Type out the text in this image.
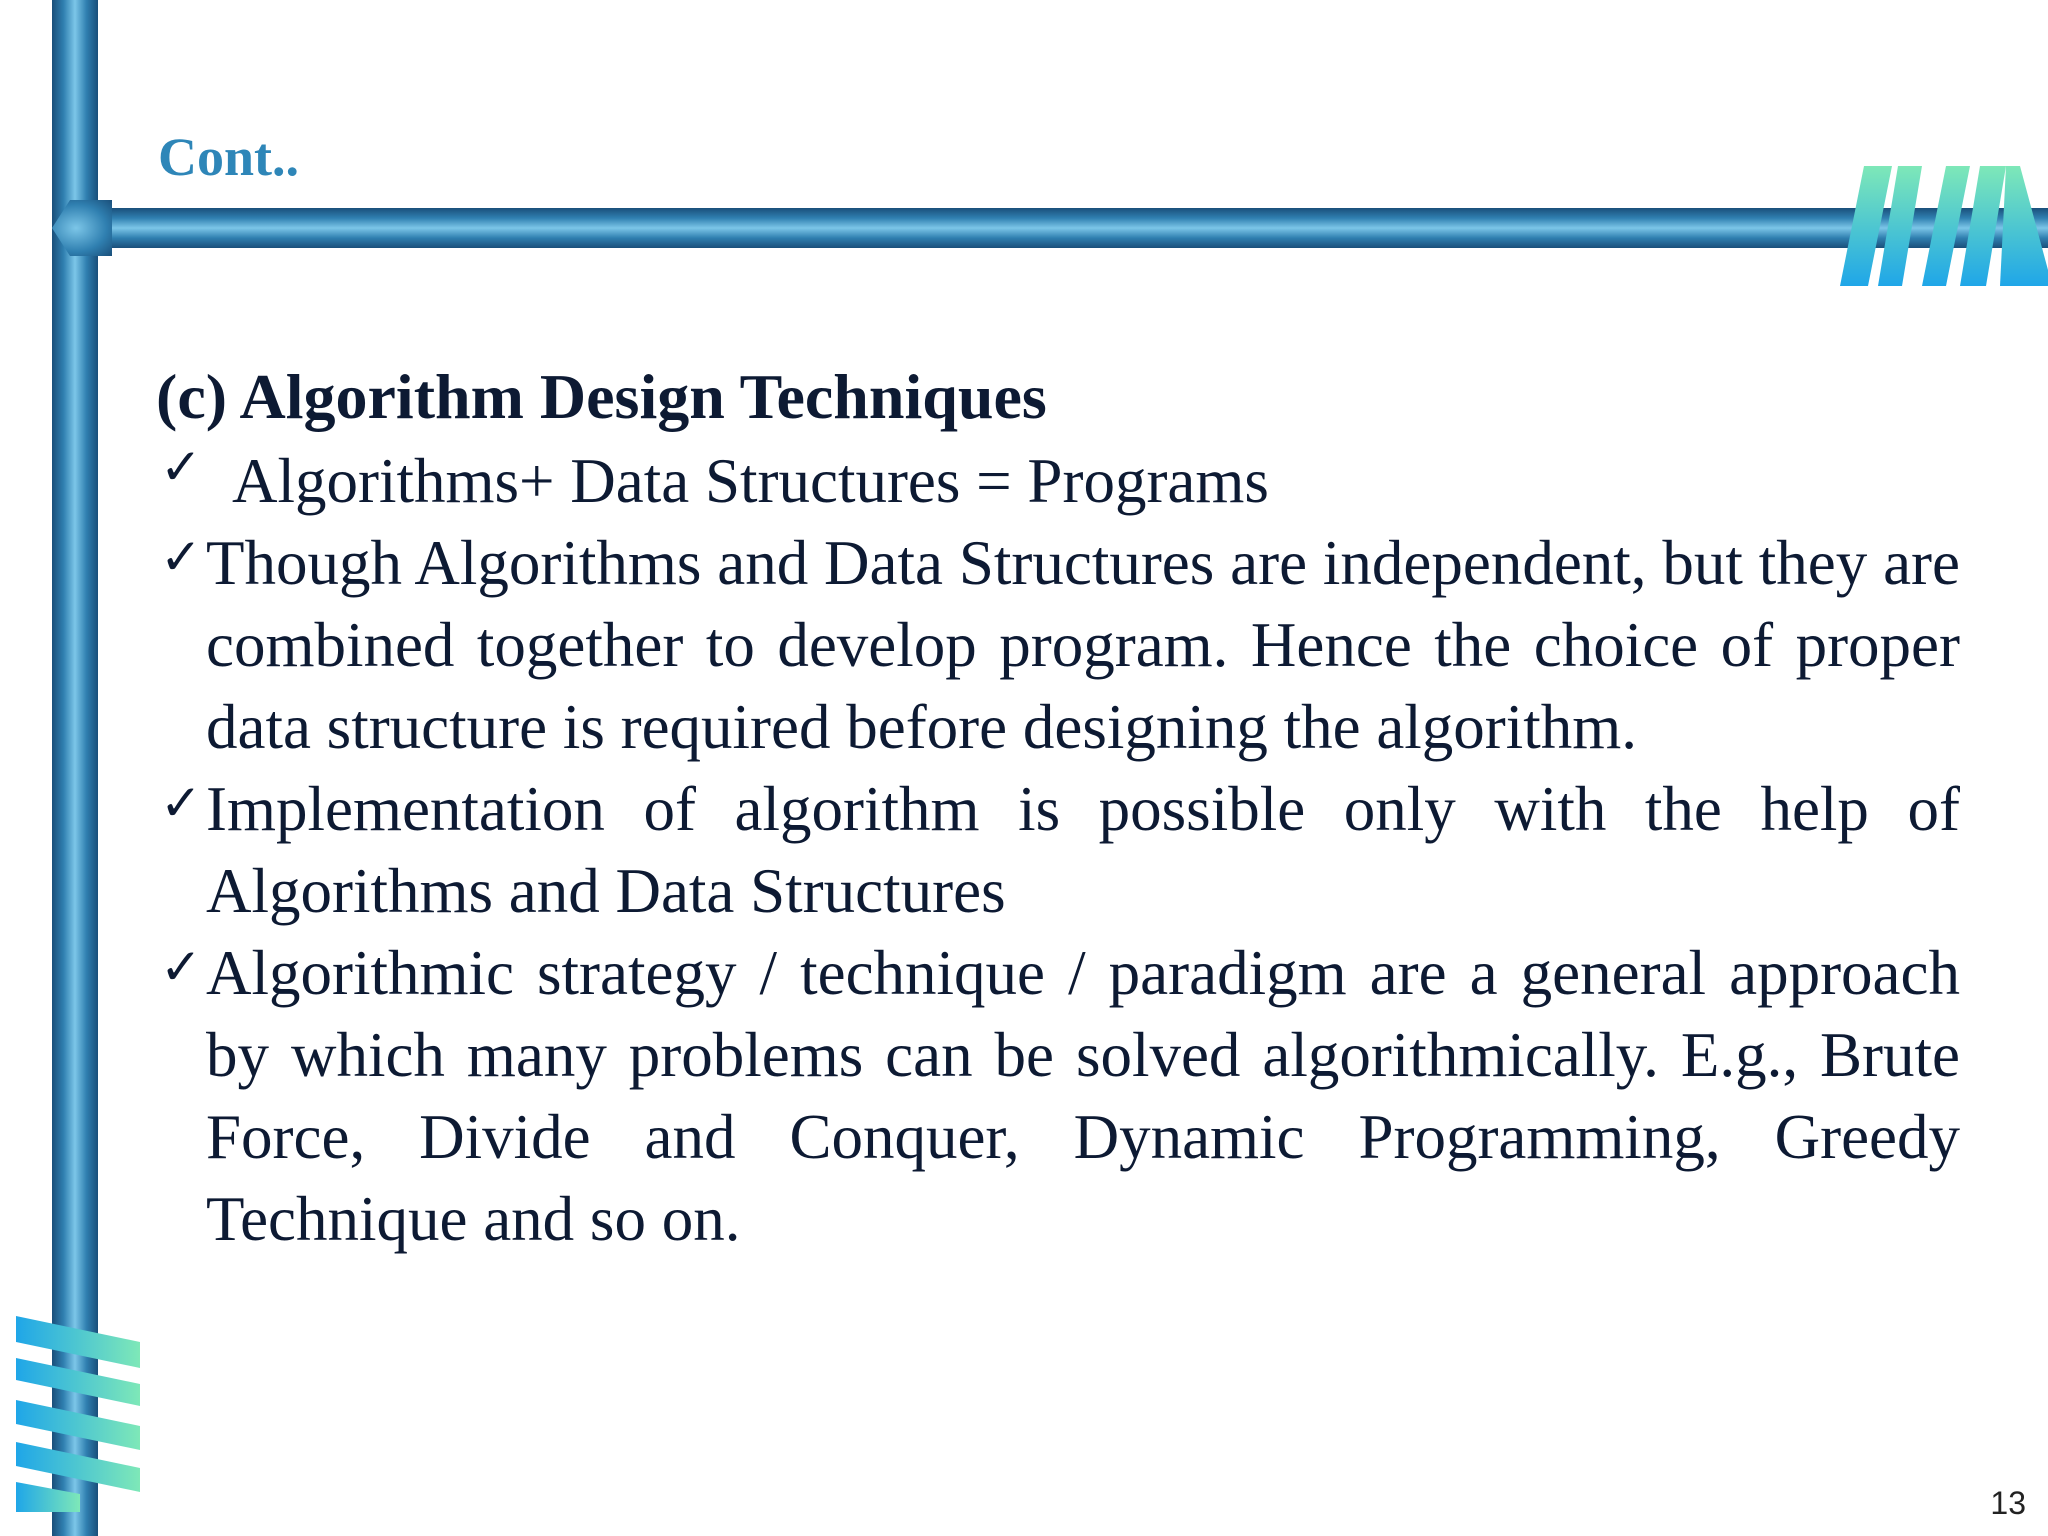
Cont..
(c) Algorithm Design Techniques
✓ Algorithms+ Data Structures = Programs
✓ Though Algorithms and Data Structures are independent, but they are combined together to develop program. Hence the choice of proper data structure is required before designing the algorithm.
✓ Implementation of algorithm is possible only with the help of Algorithms and Data Structures
✓ Algorithmic strategy / technique / paradigm are a general approach by which many problems can be solved algorithmically. E.g., Brute Force, Divide and Conquer, Dynamic Programming, Greedy Technique and so on.
13
